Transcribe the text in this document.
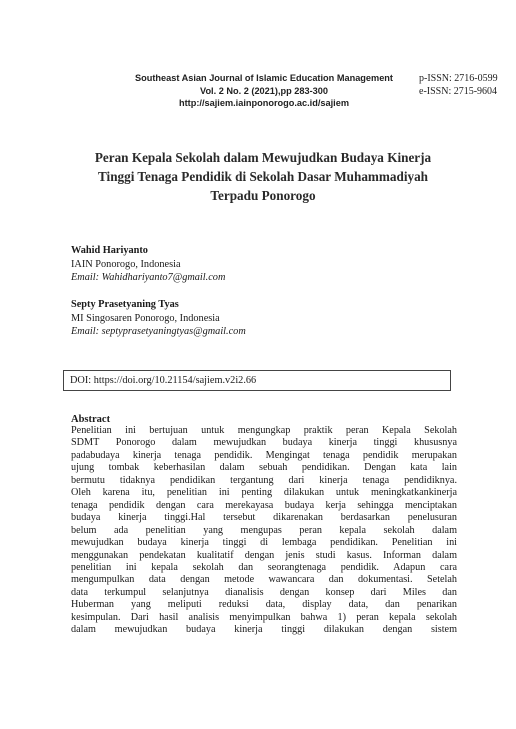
Southeast Asian Journal of Islamic Education Management
Vol. 2 No. 2 (2021),pp 283-300
http://sajiem.iainponorogo.ac.id/sajiem
p-ISSN: 2716-0599
e-ISSN: 2715-9604
Peran Kepala Sekolah dalam Mewujudkan Budaya Kinerja
Tinggi Tenaga Pendidik di Sekolah Dasar Muhammadiyah
Terpadu Ponorogo
Wahid Hariyanto
IAIN Ponorogo, Indonesia
Email: Wahidhariyanto7@gmail.com
Septy Prasetyaning Tyas
MI Singosaren Ponorogo, Indonesia
Email: septyprasetyaningtyas@gmail.com
DOI: https://doi.org/10.21154/sajiem.v2i2.66
Abstract
Penelitian ini bertujuan untuk mengungkap praktik peran Kepala Sekolah
SDMT Ponorogo dalam mewujudkan budaya kinerja tinggi khususnya
padabudaya kinerja tenaga pendidik. Mengingat tenaga pendidik merupakan
ujung tombak keberhasilan dalam sebuah pendidikan. Dengan kata lain
bermutu tidaknya pendidikan tergantung dari kinerja tenaga pendidiknya.
Oleh karena itu, penelitian ini penting dilakukan untuk meningkatkankinerja
tenaga pendidik dengan cara merekayasa budaya kerja sehingga menciptakan
budaya kinerja tinggi.Hal tersebut dikarenakan berdasarkan penelusuran
belum ada penelitian yang mengupas peran kepala sekolah dalam
mewujudkan budaya kinerja tinggi di lembaga pendidikan. Penelitian ini
menggunakan pendekatan kualitatif dengan jenis studi kasus. Informan dalam
penelitian ini kepala sekolah dan seorangtenaga pendidik. Adapun cara
mengumpulkan data dengan metode wawancara dan dokumentasi. Setelah
data terkumpul selanjutnya dianalisis dengan konsep dari Miles dan
Huberman yang meliputi reduksi data, display data, dan penarikan
kesimpulan. Dari hasil analisis menyimpulkan bahwa 1) peran kepala sekolah
dalam mewujudkan budaya kinerja tinggi dilakukan dengan sistem
